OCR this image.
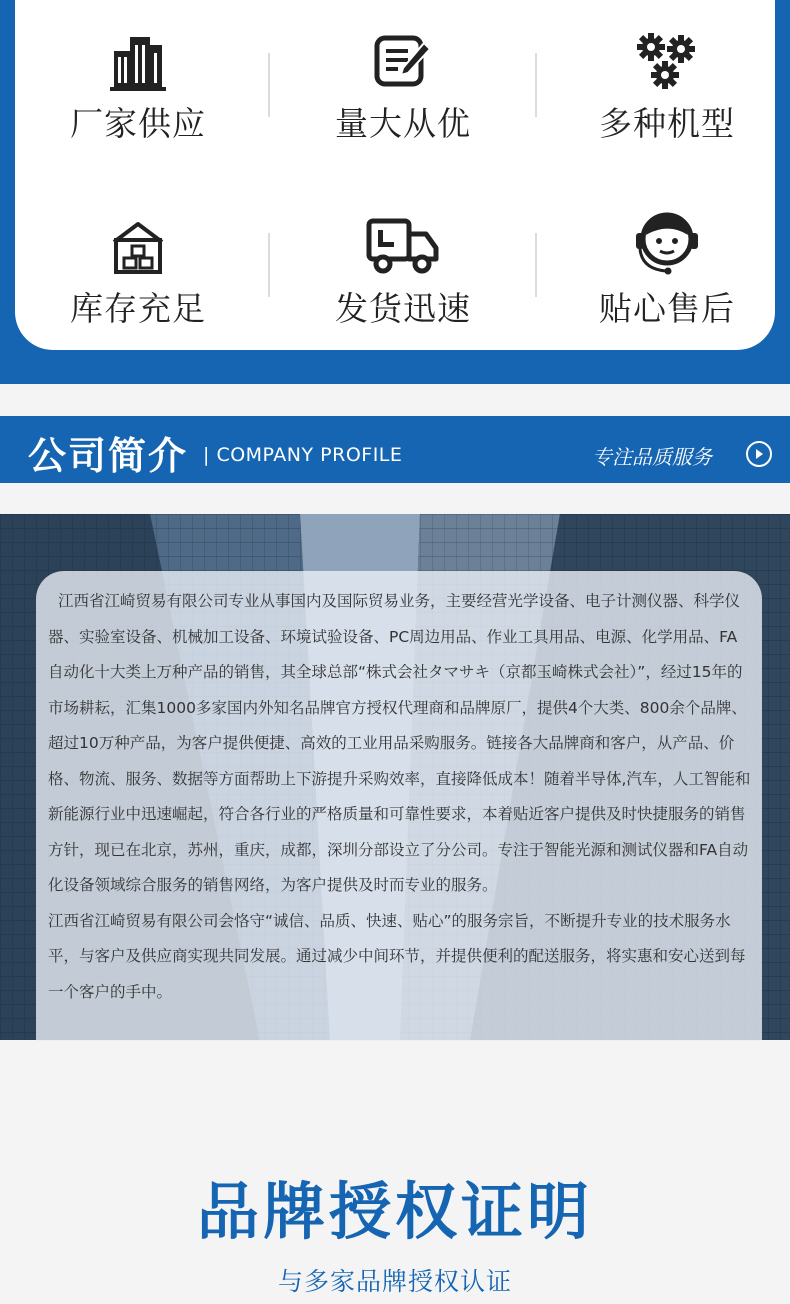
厂家供应	量大从优	多种机型
库存充足	发货迅速	贴心售后
公司简介 | COMPANY PROFILE	专注品质服务

江西省江崎贸易有限公司专业从事国内及国际贸易业务，主要经营光学设备、电子计测仪器、科学仪器、实验室设备、机械加工设备、环境试验设备、PC周边用品、作业工具用品、电源、化学用品、FA自动化十大类上万种产品的销售，其全球总部“株式会社タマサキ（京都玉崎株式会社）”，经过15年的市场耕耘，汇集1000多家国内外知名品牌官方授权代理商和品牌原厂，提供4个大类、800余个品牌、超过10万种产品，为客户提供便捷、高效的工业用品采购服务。链接各大品牌商和客户，从产品、价格、物流、服务、数据等方面帮助上下游提升采购效率，直接降低成本！随着半导体,汽车，人工智能和新能源行业中迅速崛起，符合各行业的严格质量和可靠性要求，本着贴近客户提供及时快捷服务的销售方针，现已在北京，苏州，重庆，成都，深圳分部设立了分公司。专注于智能光源和测试仪器和FA自动化设备领域综合服务的销售网络，为客户提供及时而专业的服务。

江西省江崎贸易有限公司会恪守“诚信、品质、快速、贴心”的服务宗旨，不断提升专业的技术服务水平，与客户及供应商实现共同发展。通过减少中间环节，并提供便利的配送服务，将实惠和安心送到每一个客户的手中。

品牌授权证明
与多家品牌授权认证
